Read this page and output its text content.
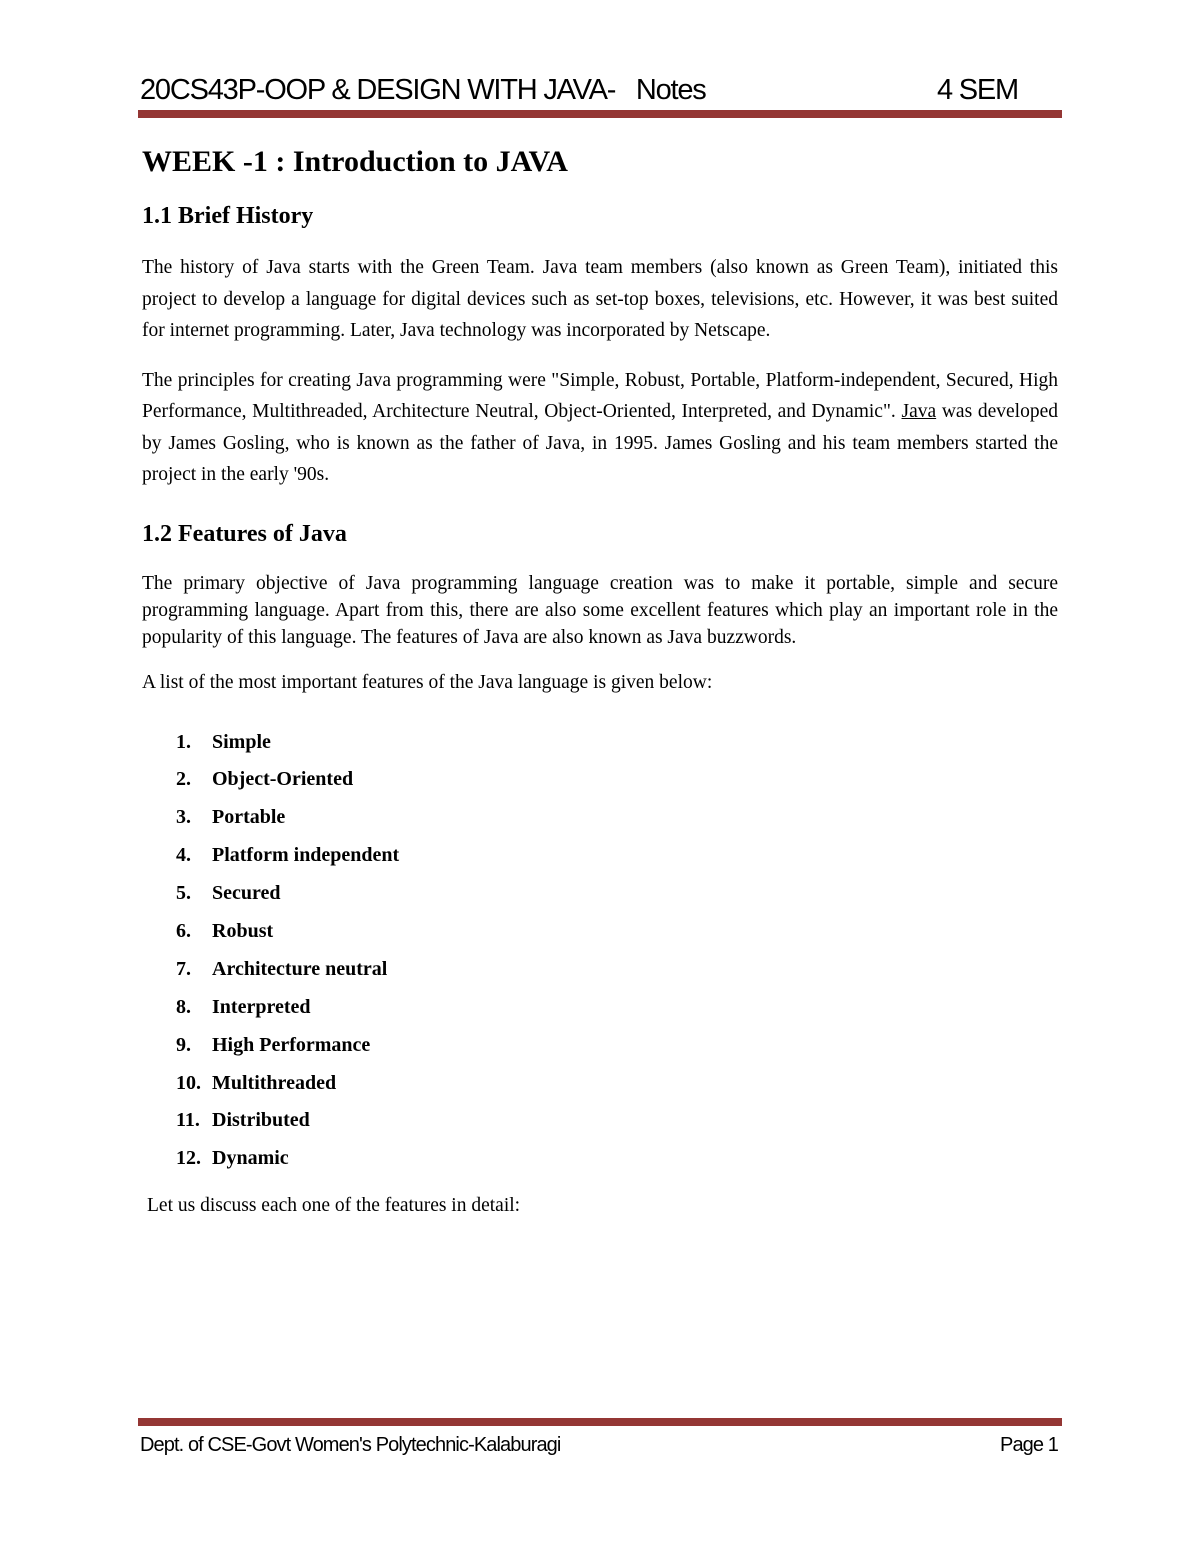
20CS43P-OOP & DESIGN WITH JAVA-   Notes	4 SEM
WEEK -1 : Introduction to JAVA
1.1 Brief History

The history of Java starts with the Green Team. Java team members (also known as Green Team), initiated this project to develop a language for digital devices such as set-top boxes, televisions, etc. However, it was best suited for internet programming. Later, Java technology was incorporated by Netscape.

The principles for creating Java programming were "Simple, Robust, Portable, Platform-independent, Secured, High Performance, Multithreaded, Architecture Neutral, Object-Oriented, Interpreted, and Dynamic". Java was developed by James Gosling, who is known as the father of Java, in 1995. James Gosling and his team members started the project in the early '90s.

1.2 Features of Java

The primary objective of Java programming language creation was to make it portable, simple and secure programming language. Apart from this, there are also some excellent features which play an important role in the popularity of this language. The features of Java are also known as Java buzzwords.

A list of the most important features of the Java language is given below:

1. Simple
2. Object-Oriented
3. Portable
4. Platform independent
5. Secured
6. Robust
7. Architecture neutral
8. Interpreted
9. High Performance
10. Multithreaded
11. Distributed
12. Dynamic

Let us discuss each one of the features in detail:

Dept. of CSE-Govt Women's Polytechnic-Kalaburagi	Page 1
